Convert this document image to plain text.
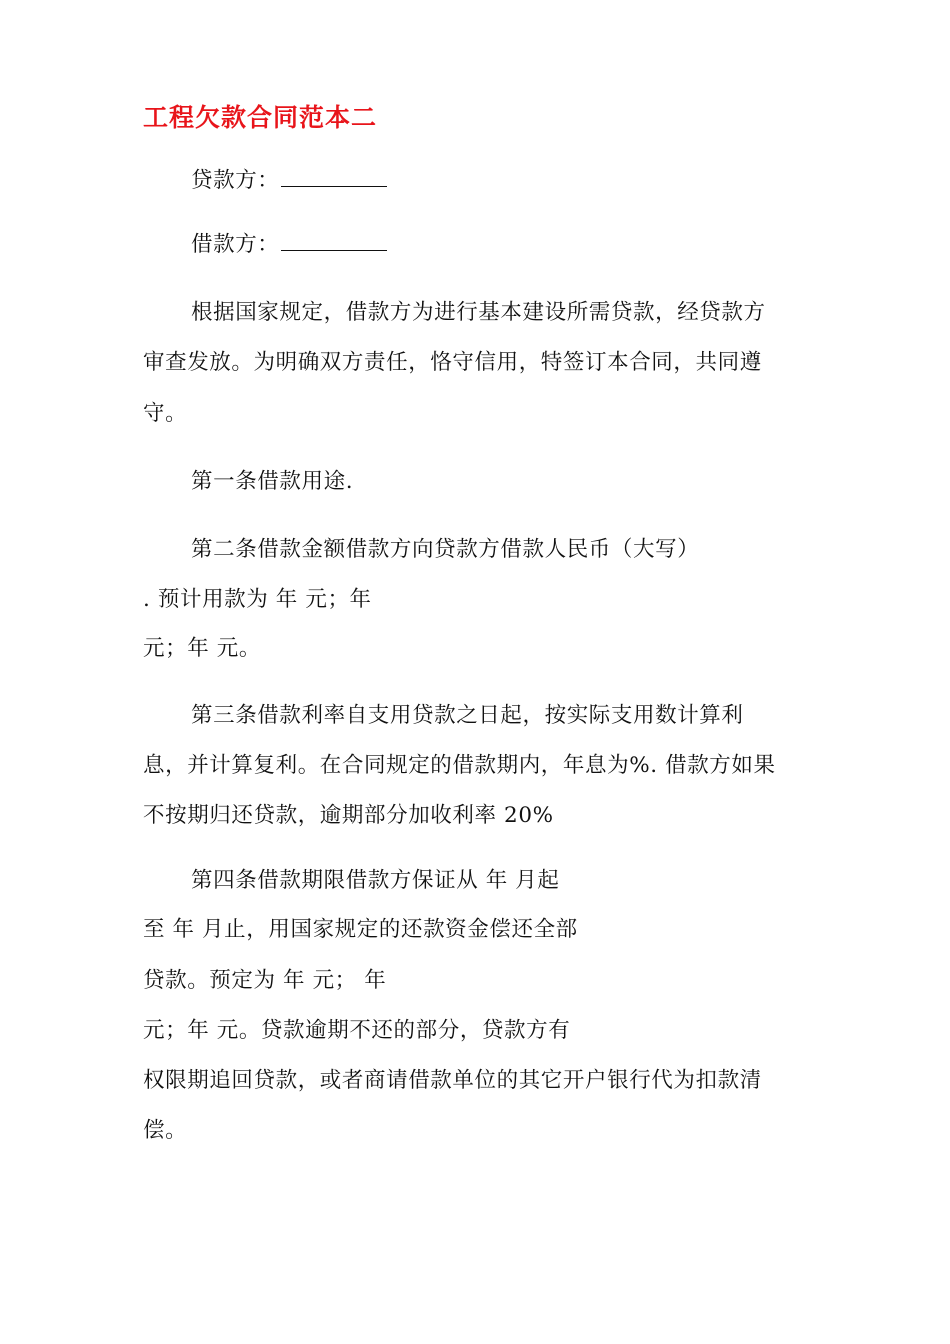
工程欠款合同范本二
贷款方：
借款方：
根据国家规定，借款方为进行基本建设所需贷款，经贷款方
审查发放。为明确双方责任，恪守信用，特签订本合同，共同遵
守。
第一条借款用途.
第二条借款金额借款方向贷款方借款人民币（大写）
. 预计用款为 年 元；年
元；年 元。
第三条借款利率自支用贷款之日起，按实际支用数计算利
息，并计算复利。在合同规定的借款期内，年息为%. 借款方如果
不按期归还贷款，逾期部分加收利率 20%
第四条借款期限借款方保证从 年 月起
至 年 月止，用国家规定的还款资金偿还全部
贷款。预定为 年 元； 年
元；年 元。贷款逾期不还的部分，贷款方有
权限期追回贷款，或者商请借款单位的其它开户银行代为扣款清
偿。
